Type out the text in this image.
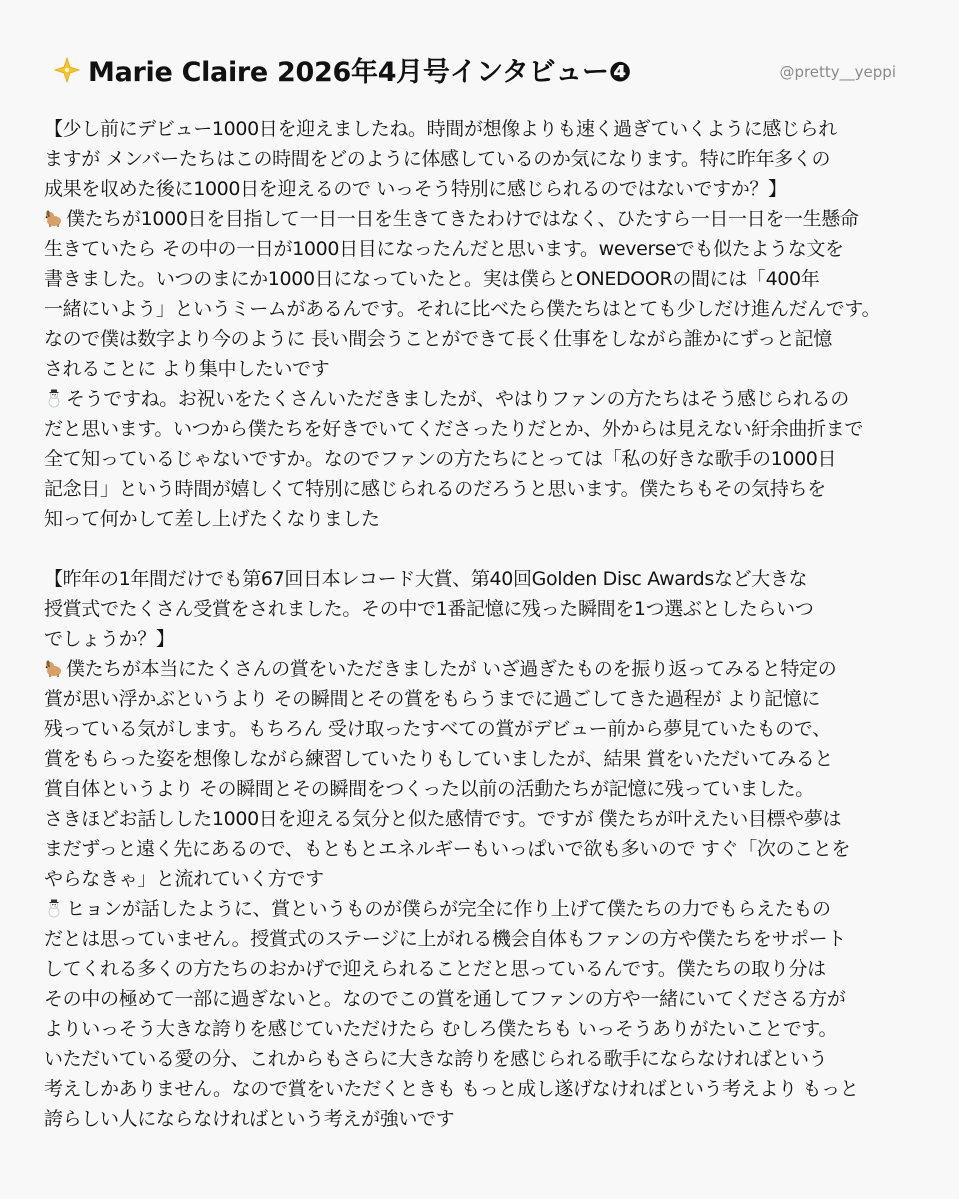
Marie Claire 2026年4月号インタビュー❹	@pretty__yeppi
【少し前にデビュー1000日を迎えましたね。時間が想像よりも速く過ぎていくように感じられ
ますが メンバーたちはこの時間をどのように体感しているのか気になります。特に昨年多くの
成果を収めた後に1000日を迎えるので いっそう特別に感じられるのではないですか？】
僕たちが1000日を目指して一日一日を生きてきたわけではなく、ひたすら一日一日を一生懸命
生きていたら その中の一日が1000日目になったんだと思います。weverseでも似たような文を
書きました。いつのまにか1000日になっていたと。実は僕らとONEDOORの間には「400年
一緒にいよう」というミームがあるんです。それに比べたら僕たちはとても少しだけ進んだんです。
なので僕は数字より今のように 長い間会うことができて長く仕事をしながら誰かにずっと記憶
されることに より集中したいです
そうですね。お祝いをたくさんいただきましたが、やはりファンの方たちはそう感じられるの
だと思います。いつから僕たちを好きでいてくださったりだとか、外からは見えない紆余曲折まで
全て知っているじゃないですか。なのでファンの方たちにとっては「私の好きな歌手の1000日
記念日」という時間が嬉しくて特別に感じられるのだろうと思います。僕たちもその気持ちを
知って何かして差し上げたくなりました
【昨年の1年間だけでも第67回日本レコード大賞、第40回Golden Disc Awardsなど大きな
授賞式でたくさん受賞をされました。その中で1番記憶に残った瞬間を1つ選ぶとしたらいつ
でしょうか？】
僕たちが本当にたくさんの賞をいただきましたが いざ過ぎたものを振り返ってみると特定の
賞が思い浮かぶというより その瞬間とその賞をもらうまでに過ごしてきた過程が より記憶に
残っている気がします。もちろん 受け取ったすべての賞がデビュー前から夢見ていたもので、
賞をもらった姿を想像しながら練習していたりもしていましたが、結果 賞をいただいてみると
賞自体というより その瞬間とその瞬間をつくった以前の活動たちが記憶に残っていました。
さきほどお話しした1000日を迎える気分と似た感情です。ですが 僕たちが叶えたい目標や夢は
まだずっと遠く先にあるので、もともとエネルギーもいっぱいで欲も多いので すぐ「次のことを
やらなきゃ」と流れていく方です
ヒョンが話したように、賞というものが僕らが完全に作り上げて僕たちの力でもらえたもの
だとは思っていません。授賞式のステージに上がれる機会自体もファンの方や僕たちをサポート
してくれる多くの方たちのおかげで迎えられることだと思っているんです。僕たちの取り分は
その中の極めて一部に過ぎないと。なのでこの賞を通してファンの方や一緒にいてくださる方が
よりいっそう大きな誇りを感じていただけたら むしろ僕たちも いっそうありがたいことです。
いただいている愛の分、これからもさらに大きな誇りを感じられる歌手にならなければという
考えしかありません。なので賞をいただくときも もっと成し遂げなければという考えより もっと
誇らしい人にならなければという考えが強いです
